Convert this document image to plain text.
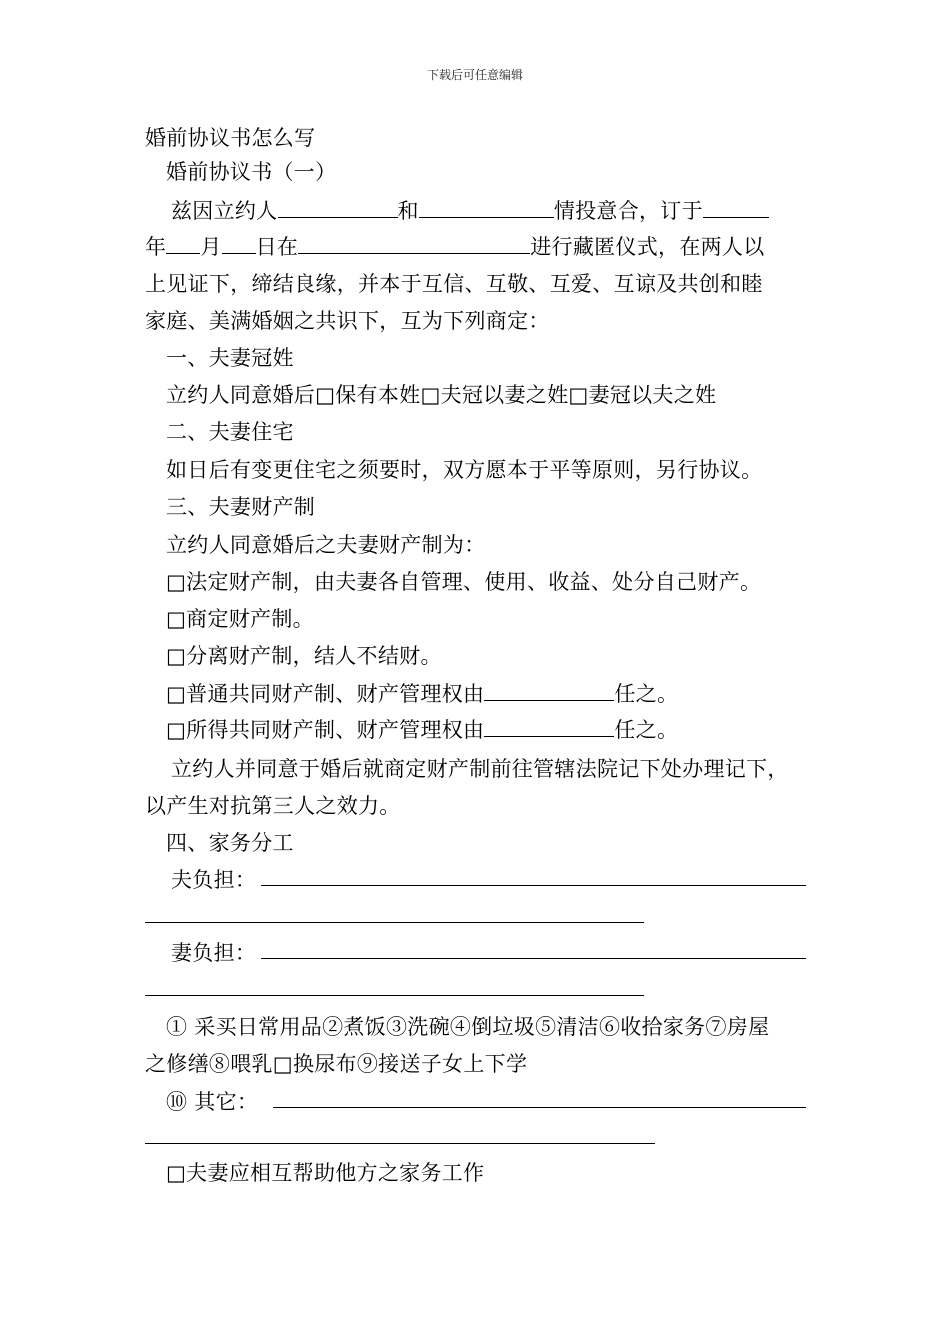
下载后可任意编辑
婚前协议书怎么写
婚前协议书（一）
兹因立约人	和	情投意合，订于
年 月 日在	进行藏匿仪式，在两人以
上见证下，缔结良缘，并本于互信、互敬、互爱、互谅及共创和睦
家庭、美满婚姻之共识下，互为下列商定：
一、夫妻冠姓
立约人同意婚后□保有本姓□夫冠以妻之姓□妻冠以夫之姓
二、夫妻住宅
如日后有变更住宅之须要时，双方愿本于平等原则，另行协议。
三、夫妻财产制
立约人同意婚后之夫妻财产制为：
□法定财产制，由夫妻各自管理、使用、收益、处分自己财产。
□商定财产制。
□分离财产制，结人不结财。
□普通共同财产制、财产管理权由	任之。
□所得共同财产制、财产管理权由	任之。
立约人并同意于婚后就商定财产制前往管辖法院记下处办理记下，
以产生对抗第三人之效力。
四、家务分工
夫负担：
妻负担：
① 采买日常用品②煮饭③洗碗④倒垃圾⑤清洁⑥收拾家务⑦房屋
之修缮⑧喂乳□换尿布⑨接送子女上下学
⑩ 其它：
□夫妻应相互帮助他方之家务工作
